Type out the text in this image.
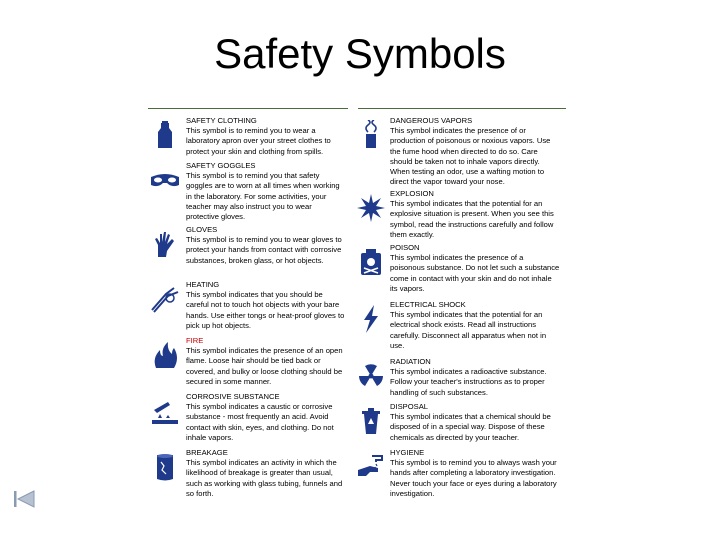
Safety Symbols
SAFETY CLOTHING
This symbol is to remind you to wear a laboratory apron over your street clothes to protect your skin and clothing from spills.
SAFETY GOGGLES
This symbol is to remind you that safety goggles are to worn at all times when working in the laboratory. For some activities, your teacher may also instruct you to wear protective gloves.
GLOVES
This symbol is to remind you to wear gloves to protect your hands from contact with corrosive substances, broken glass, or hot objects.
HEATING
This symbol indicates that you should be careful not to touch hot objects with your bare hands. Use either tongs or heat-proof gloves to pick up hot objects.
FIRE
This symbol indicates the presence of an open flame. Loose hair should be tied back or covered, and bulky or loose clothing should be secured in some manner.
CORROSIVE SUBSTANCE
This symbol indicates a caustic or corrosive substance - most frequently an acid. Avoid contact with skin, eyes, and clothing. Do not inhale vapors.
BREAKAGE
This symbol indicates an activity in which the likelihood of breakage is greater than usual, such as working with glass tubing, funnels and so forth.
DANGEROUS VAPORS
This symbol indicates the presence of or production of poisonous or noxious vapors. Use the fume hood when directed to do so. Care should be taken not to inhale vapors directly. When testing an odor, use a wafting motion to direct the vapor toward your nose.
EXPLOSION
This symbol indicates that the potential for an explosive situation is present. When you see this symbol, read the instructions carefully and follow them exactly.
POISON
This symbol indicates the presence of a poisonous substance. Do not let such a substance come in contact with your skin and do not inhale its vapors.
ELECTRICAL SHOCK
This symbol indicates that the potential for an electrical shock exists. Read all instructions carefully. Disconnect all apparatus when not in use.
RADIATION
This symbol indicates a radioactive substance. Follow your teacher's instructions as to proper handling of such substances.
DISPOSAL
This symbol indicates that a chemical should be disposed of in a special way. Dispose of these chemicals as directed by your teacher.
HYGIENE
This symbol is to remind you to always wash your hands after completing a laboratory investigation. Never touch your face or eyes during a laboratory investigation.
